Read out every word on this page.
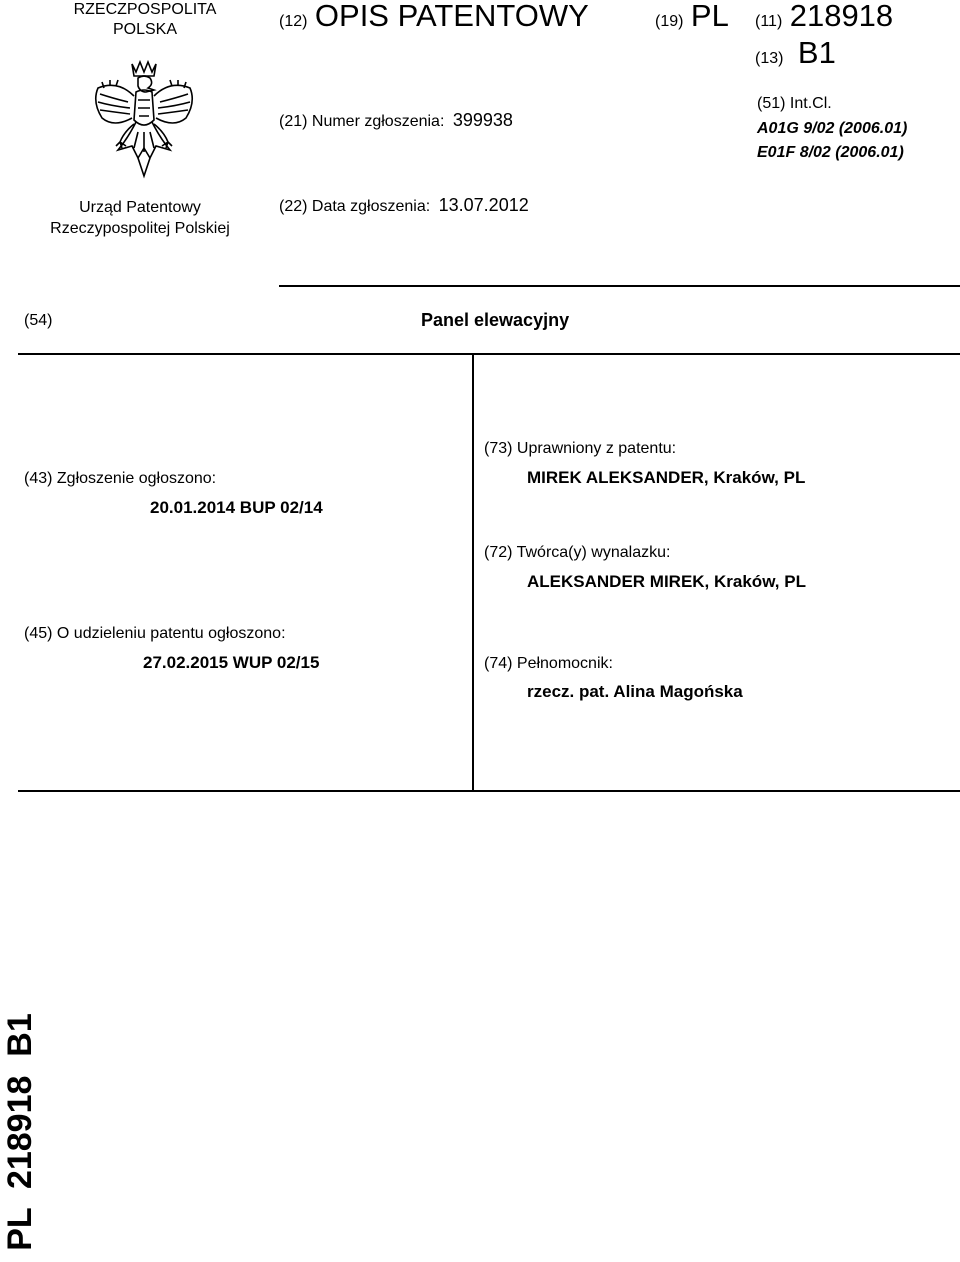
RZECZPOSPOLITA
POLSKA
Urząd Patentowy
Rzeczypospolitej Polskiej
(12) OPIS PATENTOWY	(19) PL (11) 218918
(13) B1
(21) Numer zgłoszenia: 399938
(51) Int.Cl.
A01G 9/02 (2006.01)
E01F 8/02 (2006.01)
(22) Data zgłoszenia: 13.07.2012
(54)	Panel elewacyjny
(43) Zgłoszenie ogłoszono:
20.01.2014 BUP 02/14
(45) O udzieleniu patentu ogłoszono:
27.02.2015 WUP 02/15
(73) Uprawniony z patentu:
MIREK ALEKSANDER, Kraków, PL
(72) Twórca(y) wynalazku:
ALEKSANDER MIREK, Kraków, PL
(74) Pełnomocnik:
rzecz. pat. Alina Magońska
PL  218918  B1
